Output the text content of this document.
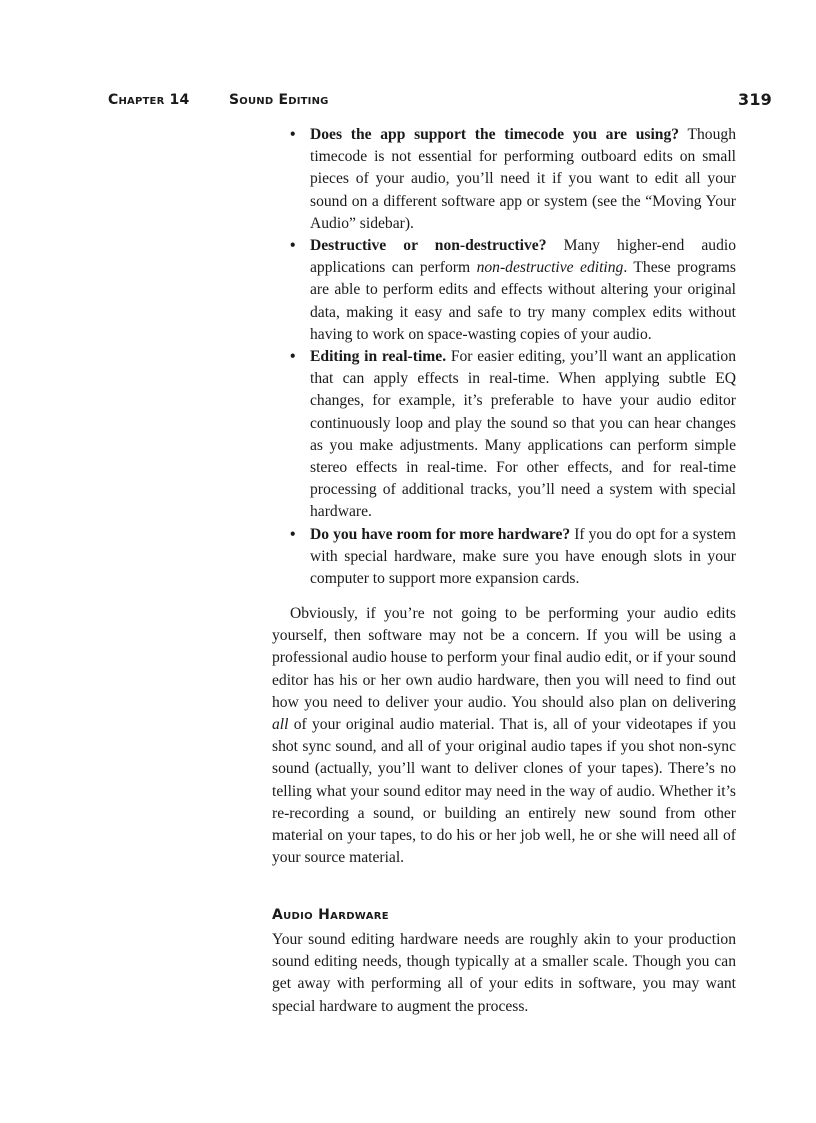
Chapter 14	Sound Editing	319
• Does the app support the timecode you are using? Though timecode is not essential for performing outboard edits on small pieces of your audio, you’ll need it if you want to edit all your sound on a different software app or system (see the “Moving Your Audio” sidebar).
• Destructive or non-destructive? Many higher-end audio applications can perform non-destructive editing. These programs are able to perform edits and effects without altering your original data, making it easy and safe to try many complex edits without having to work on space-wasting copies of your audio.
• Editing in real-time. For easier editing, you’ll want an application that can apply effects in real-time. When applying subtle EQ changes, for example, it’s preferable to have your audio editor continuously loop and play the sound so that you can hear changes as you make adjustments. Many applications can perform simple stereo effects in real-time. For other effects, and for real-time processing of additional tracks, you’ll need a system with special hardware.
• Do you have room for more hardware? If you do opt for a system with special hardware, make sure you have enough slots in your computer to support more expansion cards.

Obviously, if you’re not going to be performing your audio edits yourself, then software may not be a concern. If you will be using a professional audio house to perform your final audio edit, or if your sound editor has his or her own audio hardware, then you will need to find out how you need to deliver your audio. You should also plan on delivering all of your original audio material. That is, all of your videotapes if you shot sync sound, and all of your original audio tapes if you shot non-sync sound (actually, you’ll want to deliver clones of your tapes). There’s no telling what your sound editor may need in the way of audio. Whether it’s re-recording a sound, or building an entirely new sound from other material on your tapes, to do his or her job well, he or she will need all of your source material.

Audio Hardware

Your sound editing hardware needs are roughly akin to your production sound editing needs, though typically at a smaller scale. Though you can get away with performing all of your edits in software, you may want special hardware to augment the process.
